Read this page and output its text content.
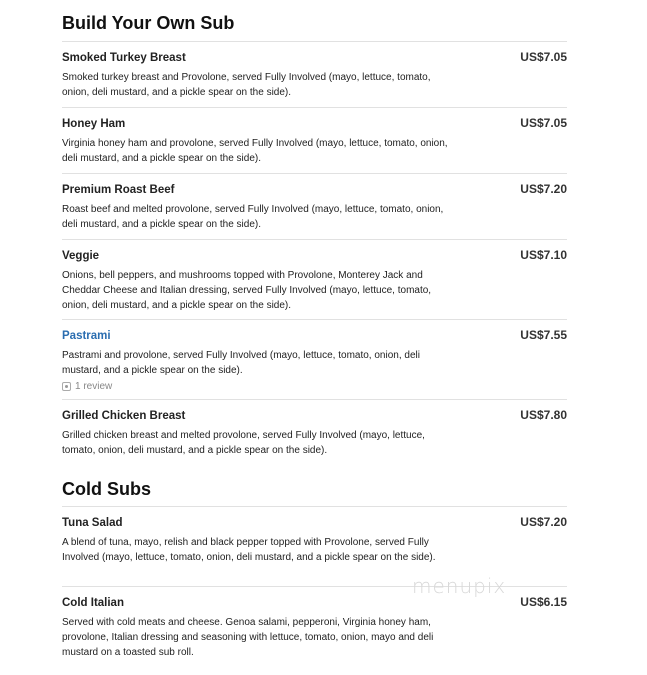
Build Your Own Sub
Smoked Turkey Breast	US$7.05
Smoked turkey breast and Provolone, served Fully Involved (mayo, lettuce, tomato, onion, deli mustard, and a pickle spear on the side).
Honey Ham	US$7.05
Virginia honey ham and provolone, served Fully Involved (mayo, lettuce, tomato, onion, deli mustard, and a pickle spear on the side).
Premium Roast Beef	US$7.20
Roast beef and melted provolone, served Fully Involved (mayo, lettuce, tomato, onion, deli mustard, and a pickle spear on the side).
Veggie	US$7.10
Onions, bell peppers, and mushrooms topped with Provolone, Monterey Jack and Cheddar Cheese and Italian dressing, served Fully Involved (mayo, lettuce, tomato, onion, deli mustard, and a pickle spear on the side).
Pastrami	US$7.55
Pastrami and provolone, served Fully Involved (mayo, lettuce, tomato, onion, deli mustard, and a pickle spear on the side).
1 review
Grilled Chicken Breast	US$7.80
Grilled chicken breast and melted provolone, served Fully Involved (mayo, lettuce, tomato, onion, deli mustard, and a pickle spear on the side).
Cold Subs
Tuna Salad	US$7.20
A blend of tuna, mayo, relish and black pepper topped with Provolone, served Fully Involved (mayo, lettuce, tomato, onion, deli mustard, and a pickle spear on the side).
Cold Italian	US$6.15
Served with cold meats and cheese. Genoa salami, pepperoni, Virginia honey ham, provolone, Italian dressing and seasoning with lettuce, tomato, onion, mayo and deli mustard on a toasted sub roll.
menupix
